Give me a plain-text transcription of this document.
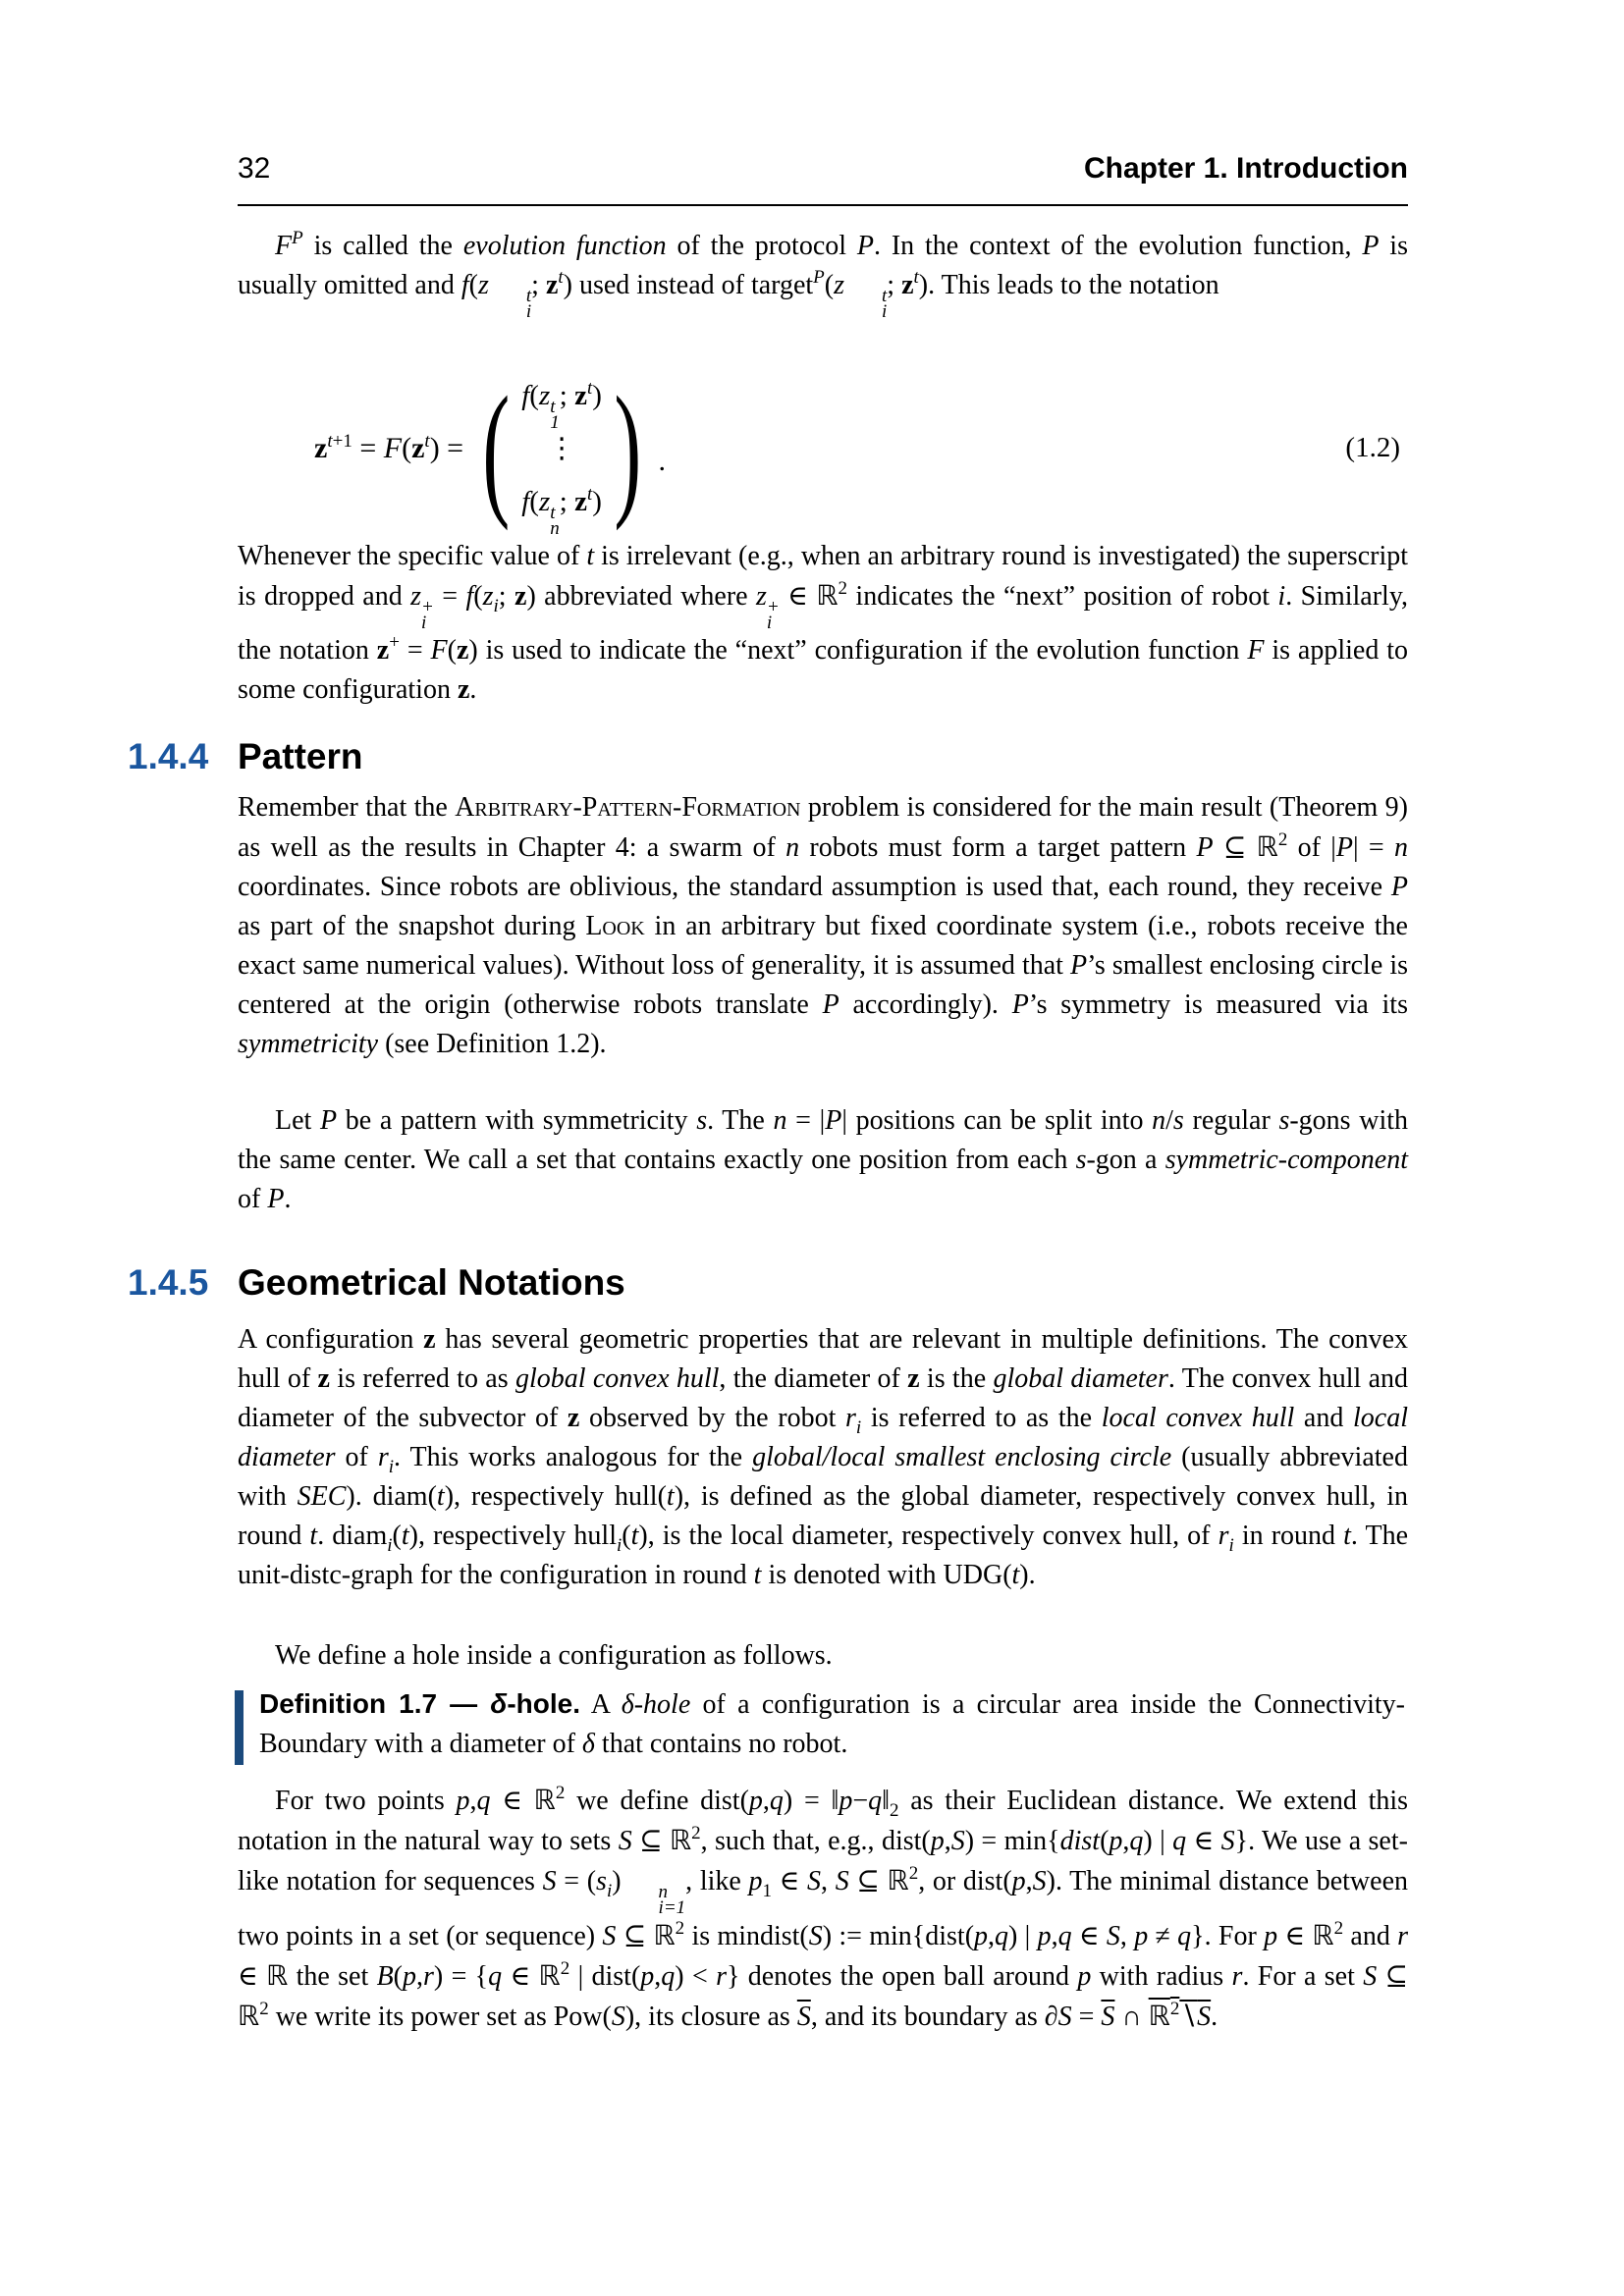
32	Chapter 1. Introduction
$F^P$ is called the evolution function of the protocol P. In the context of the evolution function, P is usually omitted and f(z	t
i
; $z^t$) used instead of target$^P$(z	t
i
; $z^t$). This leads to the notation
$z^{t+1} = F(z^t)$ = ( f(z t
1
; $z^t$)
⋮
f(z t
n
; $z^t$) ) .	(1.2)
Whenever the specific value of t is irrelevant (e.g., when an arbitrary round is investigated) the superscript is dropped and z +
i
= $f(z_i$; z) abbreviated where z +
i
∈ ℝ$^2$ indicates the “next” position of robot i. Similarly, the notation z+ = F(z) is used to indicate the “next” configuration if the evolution function F is applied to some configuration z.
1.4.4 Pattern
Remember that the Arbitrary-Pattern-Formation problem is considered for the main result (Theorem 9) as well as the results in Chapter 4: a swarm of n robots must form a target pattern P ⊆ ℝ$^2$ of |P| = n coordinates. Since robots are oblivious, the standard assumption is used that, each round, they receive P as part of the snapshot during Look in an arbitrary but fixed coordinate system (i.e., robots receive the exact same numerical values). Without loss of generality, it is assumed that P’s smallest enclosing circle is centered at the origin (otherwise robots translate P accordingly). P’s symmetry is measured via its symmetricity (see Definition 1.2).
Let P be a pattern with symmetricity s. The n = |P| positions can be split into n/s regular s-gons with the same center. We call a set that contains exactly one position from each s-gon a symmetric-component of P.
1.4.5 Geometrical Notations
A configuration z has several geometric properties that are relevant in multiple definitions. The convex hull of z is referred to as global convex hull, the diameter of z is the global diameter. The convex hull and diameter of the subvector of z observed by the robot $r_i$ is referred to as the local convex hull and local diameter of $r_i$. This works analogous for the global/local smallest enclosing circle (usually abbreviated with SEC). diam(t), respectively hull(t), is defined as the global diameter, respectively convex hull, in round t. diam$_i$(t), respectively hull$_i$(t), is the local diameter, respectively convex hull, of $r_i$ in round t. The unit-distc-graph for the configuration in round t is denoted with UDG(t).
We define a hole inside a configuration as follows.
Definition 1.7 — δ-hole. A δ-hole of a configuration is a circular area inside the Connectivity-Boundary with a diameter of δ that contains no robot.
For two points p,q ∈ ℝ$^2$ we define dist(p,q) = $‖p-q‖_2$ as their Euclidean distance. We extend this notation in the natural way to sets S ⊆ ℝ$^2$, such that, e.g., dist(p,S) = min{dist(p,q) | q ∈ S}. We use a set-like notation for sequences $S = (s_i)$	n
i=1
, like $p_1$ ∈ S, S ⊆ ℝ$^2$, or dist(p,S). The minimal distance between two points in a set (or sequence) S ⊆ ℝ$^2$ is mindist(S) := min{dist(p,q) | p,q ∈ S, p ≠ q}. For p ∈ ℝ$^2$ and r ∈ ℝ the set B(p,r) = {q ∈ ℝ$^2$ | dist(p,q) < r} denotes the open ball around p with radius r. For a set S ⊆ ℝ$^2$ we write its power set as Pow(S), its closure as $\overline{S}$, and its boundary as $\partial S = \overline{S}$ ∩ ℝ$^2$∖S.
